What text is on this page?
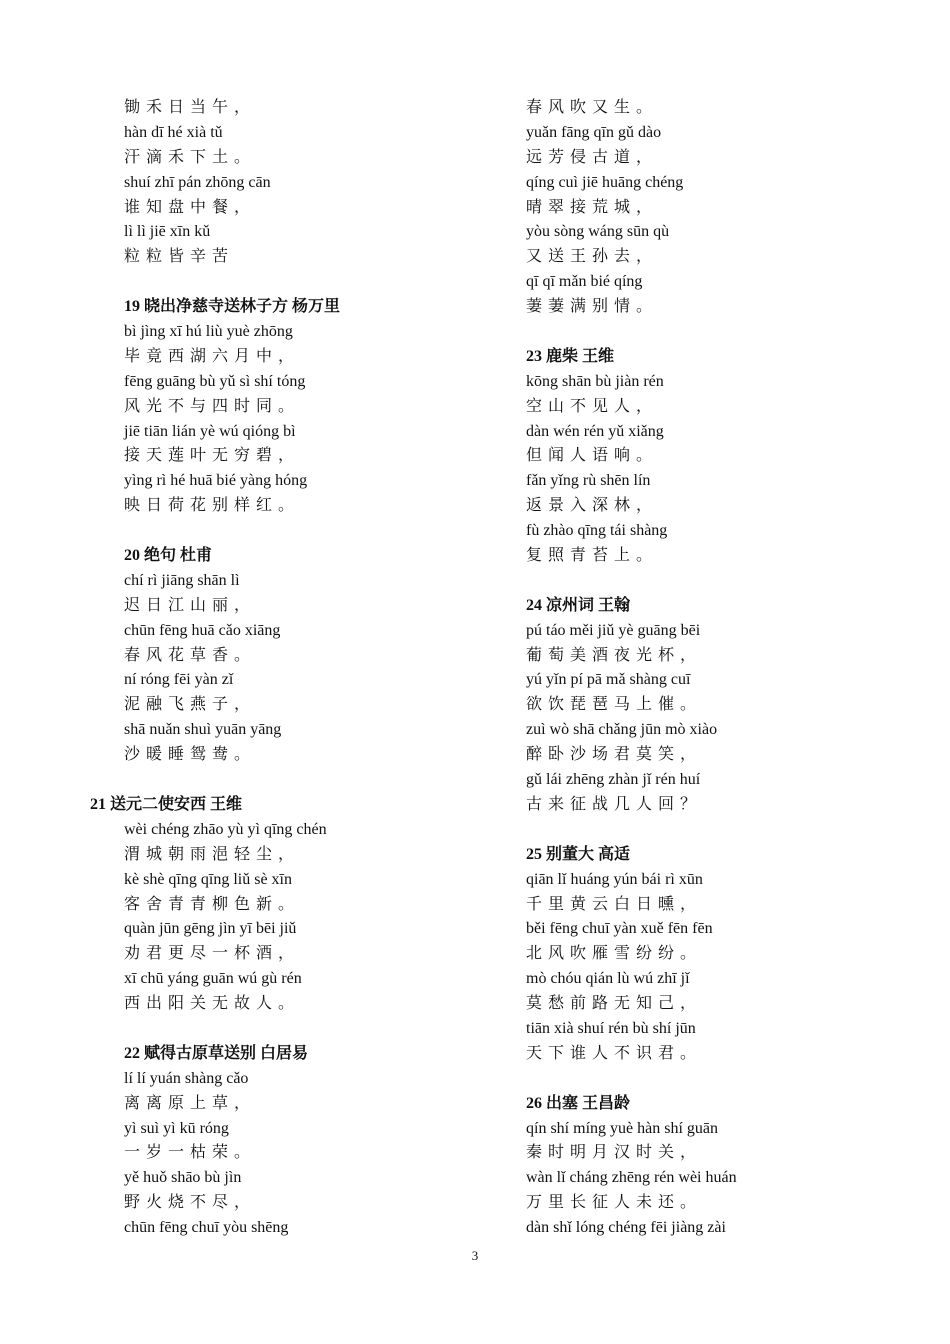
锄禾日当午，
hàn dī hé xià tǔ
汗滴禾下土。
shuí zhī pán zhōng cān
谁知盘中餐，
lì lì jiē xīn kǔ
粒粒皆辛苦
19 晓出净慈寺送林子方 杨万里
bì jìng xī hú liù yuè zhōng
毕竟西湖六月中，
fēng guāng bù yǔ sì shí tóng
风光不与四时同。
jiē tiān lián yè wú qióng bì
接天莲叶无穷碧，
yìng rì hé huā bié yàng hóng
映日荷花别样红。
20 绝句 杜甫
chí rì jiāng shān lì
迟日江山丽，
chūn fēng huā cǎo xiāng
春风花草香。
ní róng fēi yàn zǐ
泥融飞燕子，
shā nuǎn shuì yuān yāng
沙暖睡鸳鸯。
21 送元二使安西 王维
wèi chéng zhāo yù yì qīng chén
渭城朝雨浥轻尘，
kè shè qīng qīng liǔ sè xīn
客舍青青柳色新。
quàn jūn gēng jìn yī bēi jiǔ
劝君更尽一杯酒，
xī chū yáng guān wú gù rén
西出阳关无故人。
22 赋得古原草送别 白居易
lí lí yuán shàng cǎo
离离原上草，
yì suì yì kū róng
一岁一枯荣。
yě huǒ shāo bù jìn
野火烧不尽，
chūn fēng chuī yòu shēng
春风吹又生。
yuǎn fāng qīn gǔ dào
远芳侵古道，
qíng cuì jiē huāng chéng
晴翠接荒城，
yòu sòng wáng sūn qù
又送王孙去，
qī qī mǎn bié qíng
萋萋满别情。
23 鹿柴 王维
kōng shān bù jiàn rén
空山不见人，
dàn wén rén yǔ xiǎng
但闻人语响。
fǎn yǐng rù shēn lín
返景入深林，
fù zhào qīng tái shàng
复照青苔上。
24 凉州词 王翰
pú táo měi jiǔ yè guāng bēi
葡萄美酒夜光杯，
yú yǐn pí pā mǎ shàng cuī
欲饮琵琶马上催。
zuì wò shā chǎng jūn mò xiào
醉卧沙场君莫笑，
gǔ lái zhēng zhàn jǐ rén huí
古来征战几人回？
25 别董大 高适
qiān lǐ huáng yún bái rì xūn
千里黄云白日曛，
běi fēng chuī yàn xuě fēn fēn
北风吹雁雪纷纷。
mò chóu qián lù wú zhī jǐ
莫愁前路无知己，
tiān xià shuí rén bù shí jūn
天下谁人不识君。
26 出塞 王昌龄
qín shí míng yuè hàn shí guān
秦时明月汉时关，
wàn lǐ cháng zhēng rén wèi huán
万里长征人未还。
dàn shǐ lóng chéng fēi jiàng zài
3
